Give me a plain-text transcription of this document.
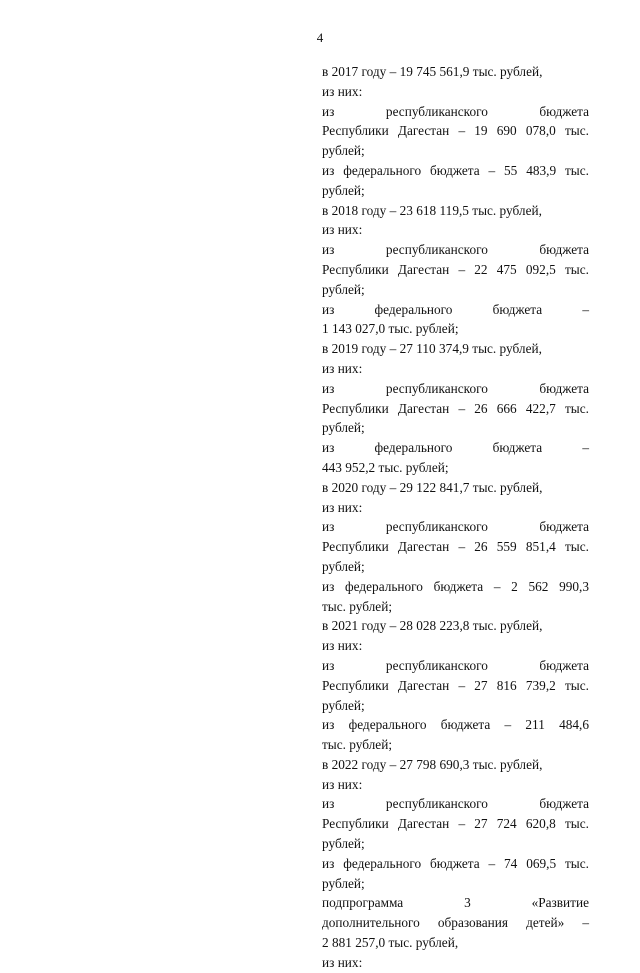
4
в 2017 году – 19 745 561,9 тыс. рублей,
из них:
из	республиканского	бюджета
Республики Дагестан – 19 690 078,0 тыс.
рублей;
из федерального бюджета – 55 483,9 тыс.
рублей;
в 2018 году – 23 618 119,5 тыс. рублей,
из них:
из	республиканского	бюджета
Республики Дагестан – 22 475 092,5 тыс.
рублей;
из	федерального	бюджета	–
1 143 027,0 тыс. рублей;
в 2019 году – 27 110 374,9 тыс. рублей,
из них:
из	республиканского	бюджета
Республики Дагестан – 26 666 422,7 тыс.
рублей;
из	федерального	бюджета	–
443 952,2 тыс. рублей;
в 2020 году – 29 122 841,7 тыс. рублей,
из них:
из	республиканского	бюджета
Республики Дагестан – 26 559 851,4 тыс.
рублей;
из федерального бюджета – 2 562 990,3
тыс. рублей;
в 2021 году – 28 028 223,8 тыс. рублей,
из них:
из	республиканского	бюджета
Республики Дагестан – 27 816 739,2 тыс.
рублей;
из федерального бюджета – 211 484,6
тыс. рублей;
в 2022 году – 27 798 690,3 тыс. рублей,
из них:
из	республиканского	бюджета
Республики Дагестан – 27 724 620,8 тыс.
рублей;
из федерального бюджета – 74 069,5 тыс.
рублей;
подпрограмма	3	«Развитие
дополнительного образования детей» –
2 881 257,0 тыс. рублей,
из них:
